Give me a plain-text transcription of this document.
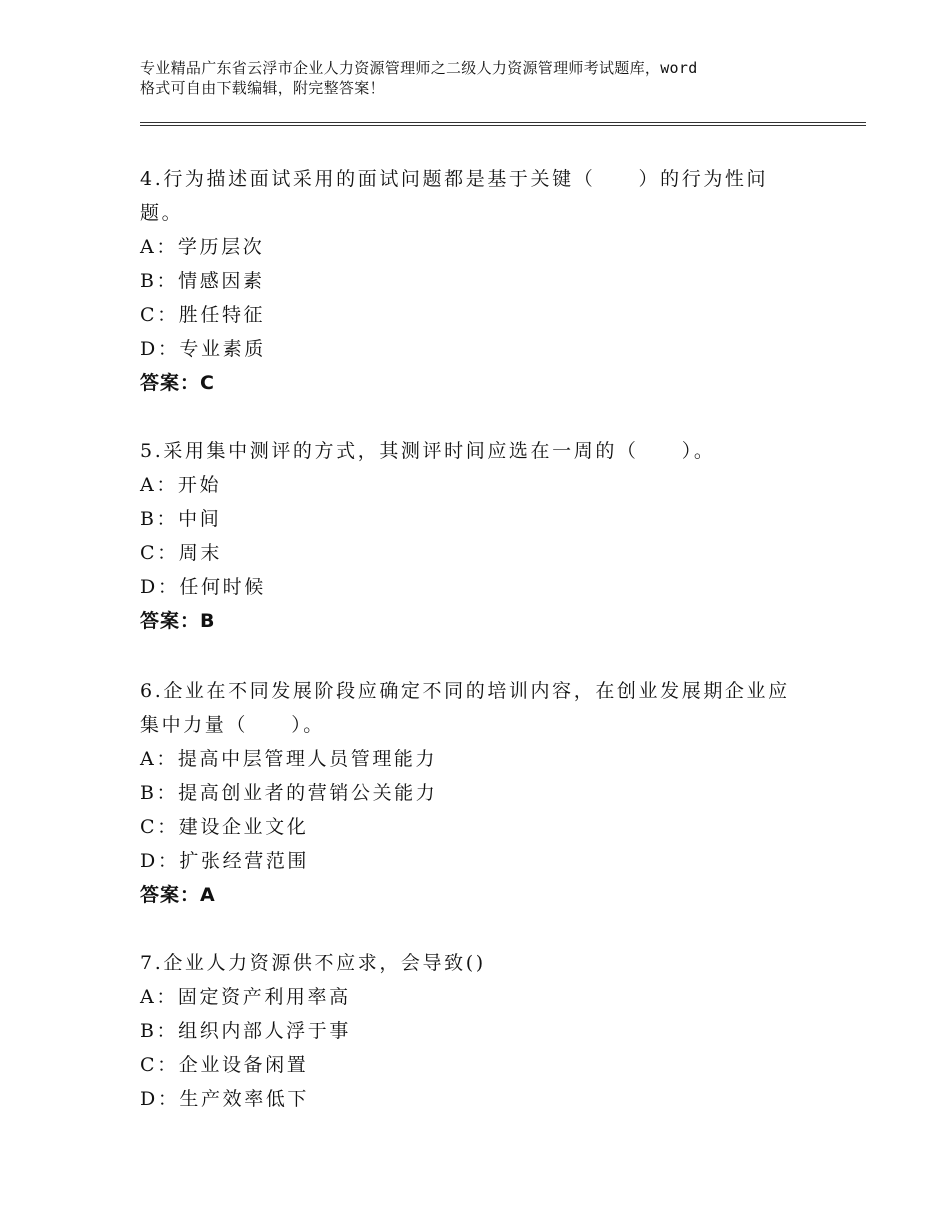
专业精品广东省云浮市企业人力资源管理师之二级人力资源管理师考试题库，word
格式可自由下载编辑，附完整答案！
4.行为描述面试采用的面试问题都是基于关键（　　）的行为性问题。
A：学历层次
B：情感因素
C：胜任特征
D：专业素质
答案：C
5.采用集中测评的方式，其测评时间应选在一周的（　　）。
A：开始
B：中间
C：周末
D：任何时候
答案：B
6.企业在不同发展阶段应确定不同的培训内容，在创业发展期企业应集中力量（　　）。
A：提高中层管理人员管理能力
B：提高创业者的营销公关能力
C：建设企业文化
D：扩张经营范围
答案：A
7.企业人力资源供不应求，会导致()
A：固定资产利用率高
B：组织内部人浮于事
C：企业设备闲置
D：生产效率低下
